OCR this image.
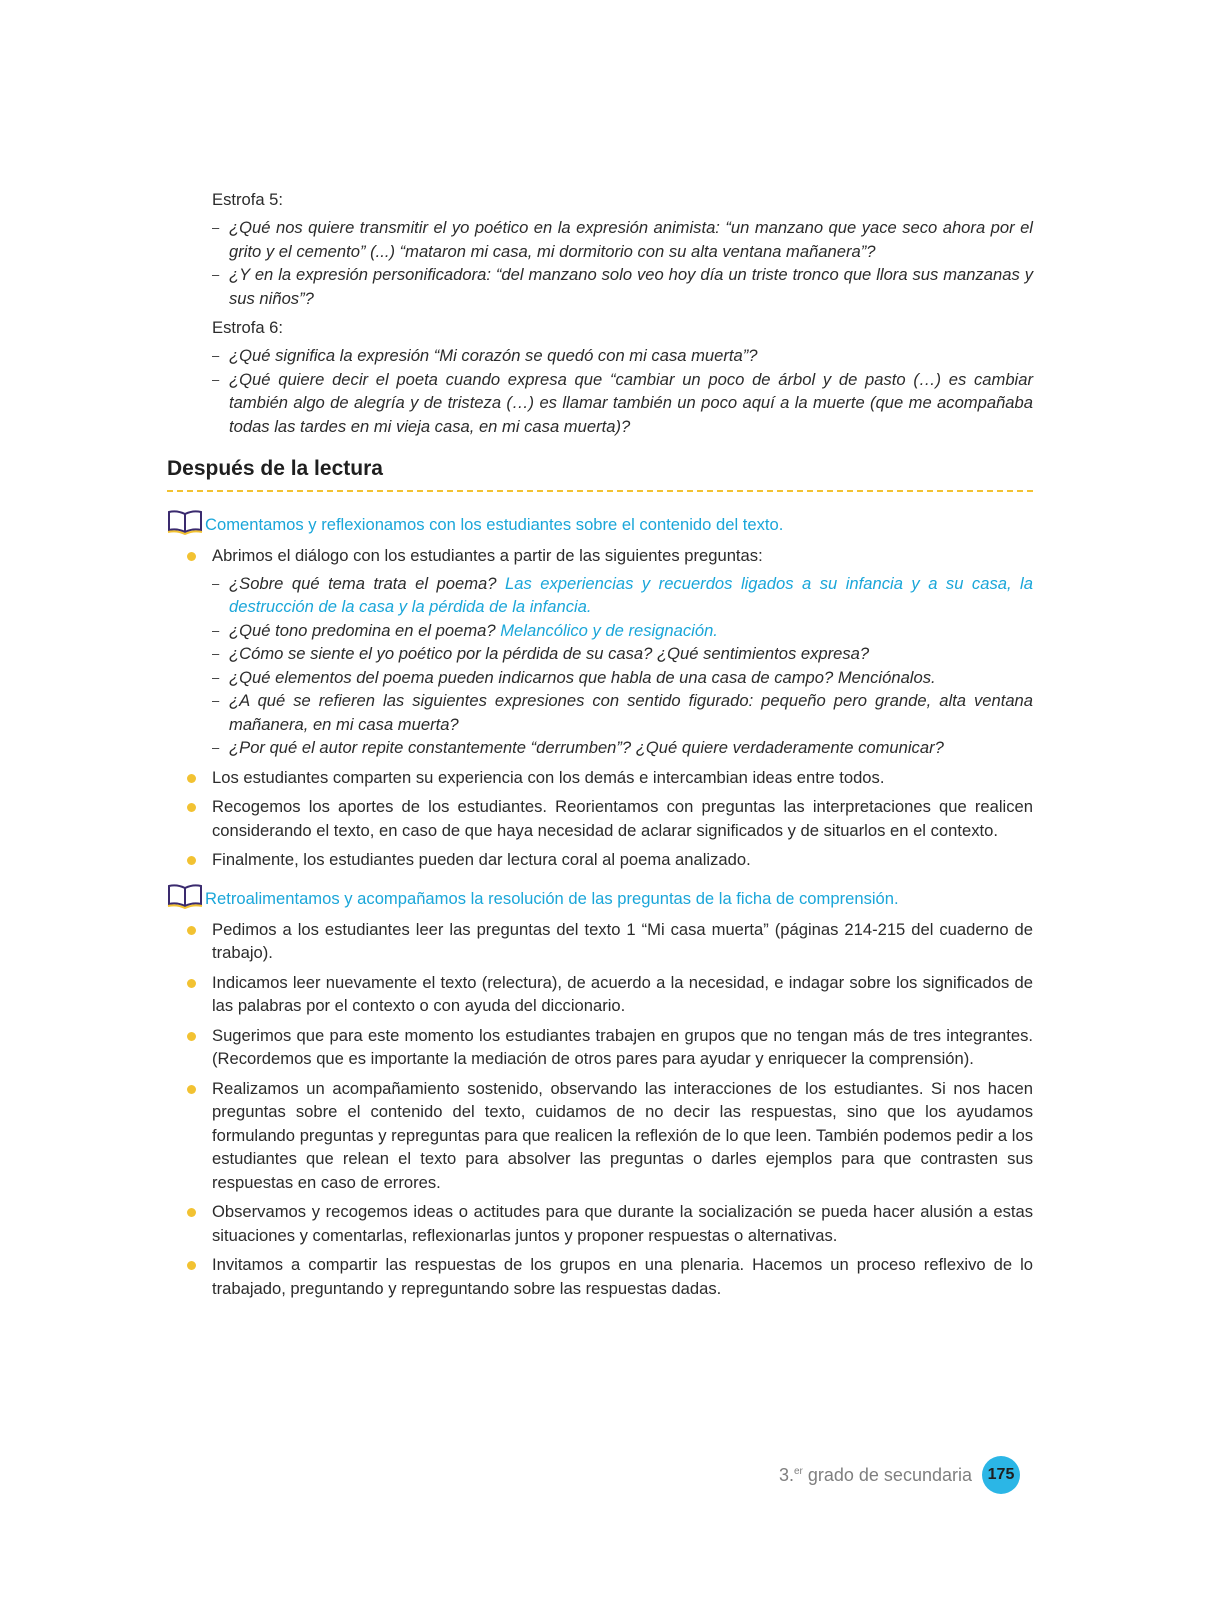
Estrofa 5:
– ¿Qué nos quiere transmitir el yo poético en la expresión animista: “un manzano que yace seco ahora por el grito y el cemento” (...) “mataron mi casa, mi dormitorio con su alta ventana mañanera”?
– ¿Y en la expresión personificadora: “del manzano solo veo hoy día un triste tronco que llora sus manzanas y sus niños”?
Estrofa 6:
– ¿Qué significa la expresión “Mi corazón se quedó con mi casa muerta”?
– ¿Qué quiere decir el poeta cuando expresa que “cambiar un poco de árbol y de pasto (…) es cambiar también algo de alegría y de tristeza (…) es llamar también un poco aquí a la muerte (que me acompañaba todas las tardes en mi vieja casa, en mi casa muerta)?
Después de la lectura
Comentamos y reflexionamos con los estudiantes sobre el contenido del texto.
Abrimos el diálogo con los estudiantes a partir de las siguientes preguntas:
– ¿Sobre qué tema trata el poema? Las experiencias y recuerdos ligados a su infancia y a su casa, la destrucción de la casa y la pérdida de la infancia.
– ¿Qué tono predomina en el poema? Melancólico y de resignación.
– ¿Cómo se siente el yo poético por la pérdida de su casa? ¿Qué sentimientos expresa?
– ¿Qué elementos del poema pueden indicarnos que habla de una casa de campo? Menciónalos.
– ¿A qué se refieren las siguientes expresiones con sentido figurado: pequeño pero grande, alta ventana mañanera, en mi casa muerta?
– ¿Por qué el autor repite constantemente “derrumben”? ¿Qué quiere verdaderamente comunicar?
Los estudiantes comparten su experiencia con los demás e intercambian ideas entre todos.
Recogemos los aportes de los estudiantes. Reorientamos con preguntas las interpretaciones que realicen considerando el texto, en caso de que haya necesidad de aclarar significados y de situarlos en el contexto.
Finalmente, los estudiantes pueden dar lectura coral al poema analizado.
Retroalimentamos y acompañamos la resolución de las preguntas de la ficha de comprensión.
Pedimos a los estudiantes leer las preguntas del texto 1 “Mi casa muerta” (páginas 214-215 del cuaderno de trabajo).
Indicamos leer nuevamente el texto (relectura), de acuerdo a la necesidad, e indagar sobre los significados de las palabras por el contexto o con ayuda del diccionario.
Sugerimos que para este momento los estudiantes trabajen en grupos que no tengan más de tres integrantes. (Recordemos que es importante la mediación de otros pares para ayudar y enriquecer la comprensión).
Realizamos un acompañamiento sostenido, observando las interacciones de los estudiantes. Si nos hacen preguntas sobre el contenido del texto, cuidamos de no decir las respuestas, sino que los ayudamos formulando preguntas y repreguntas para que realicen la reflexión de lo que leen. También podemos pedir a los estudiantes que relean el texto para absolver las preguntas o darles ejemplos para que contrasten sus respuestas en caso de errores.
Observamos y recogemos ideas o actitudes para que durante la socialización se pueda hacer alusión a estas situaciones y comentarlas, reflexionarlas juntos y proponer respuestas o alternativas.
Invitamos a compartir las respuestas de los grupos en una plenaria. Hacemos un proceso reflexivo de lo trabajado, preguntando y repreguntando sobre las respuestas dadas.
3.$^{er}$ grado de secundaria 175
